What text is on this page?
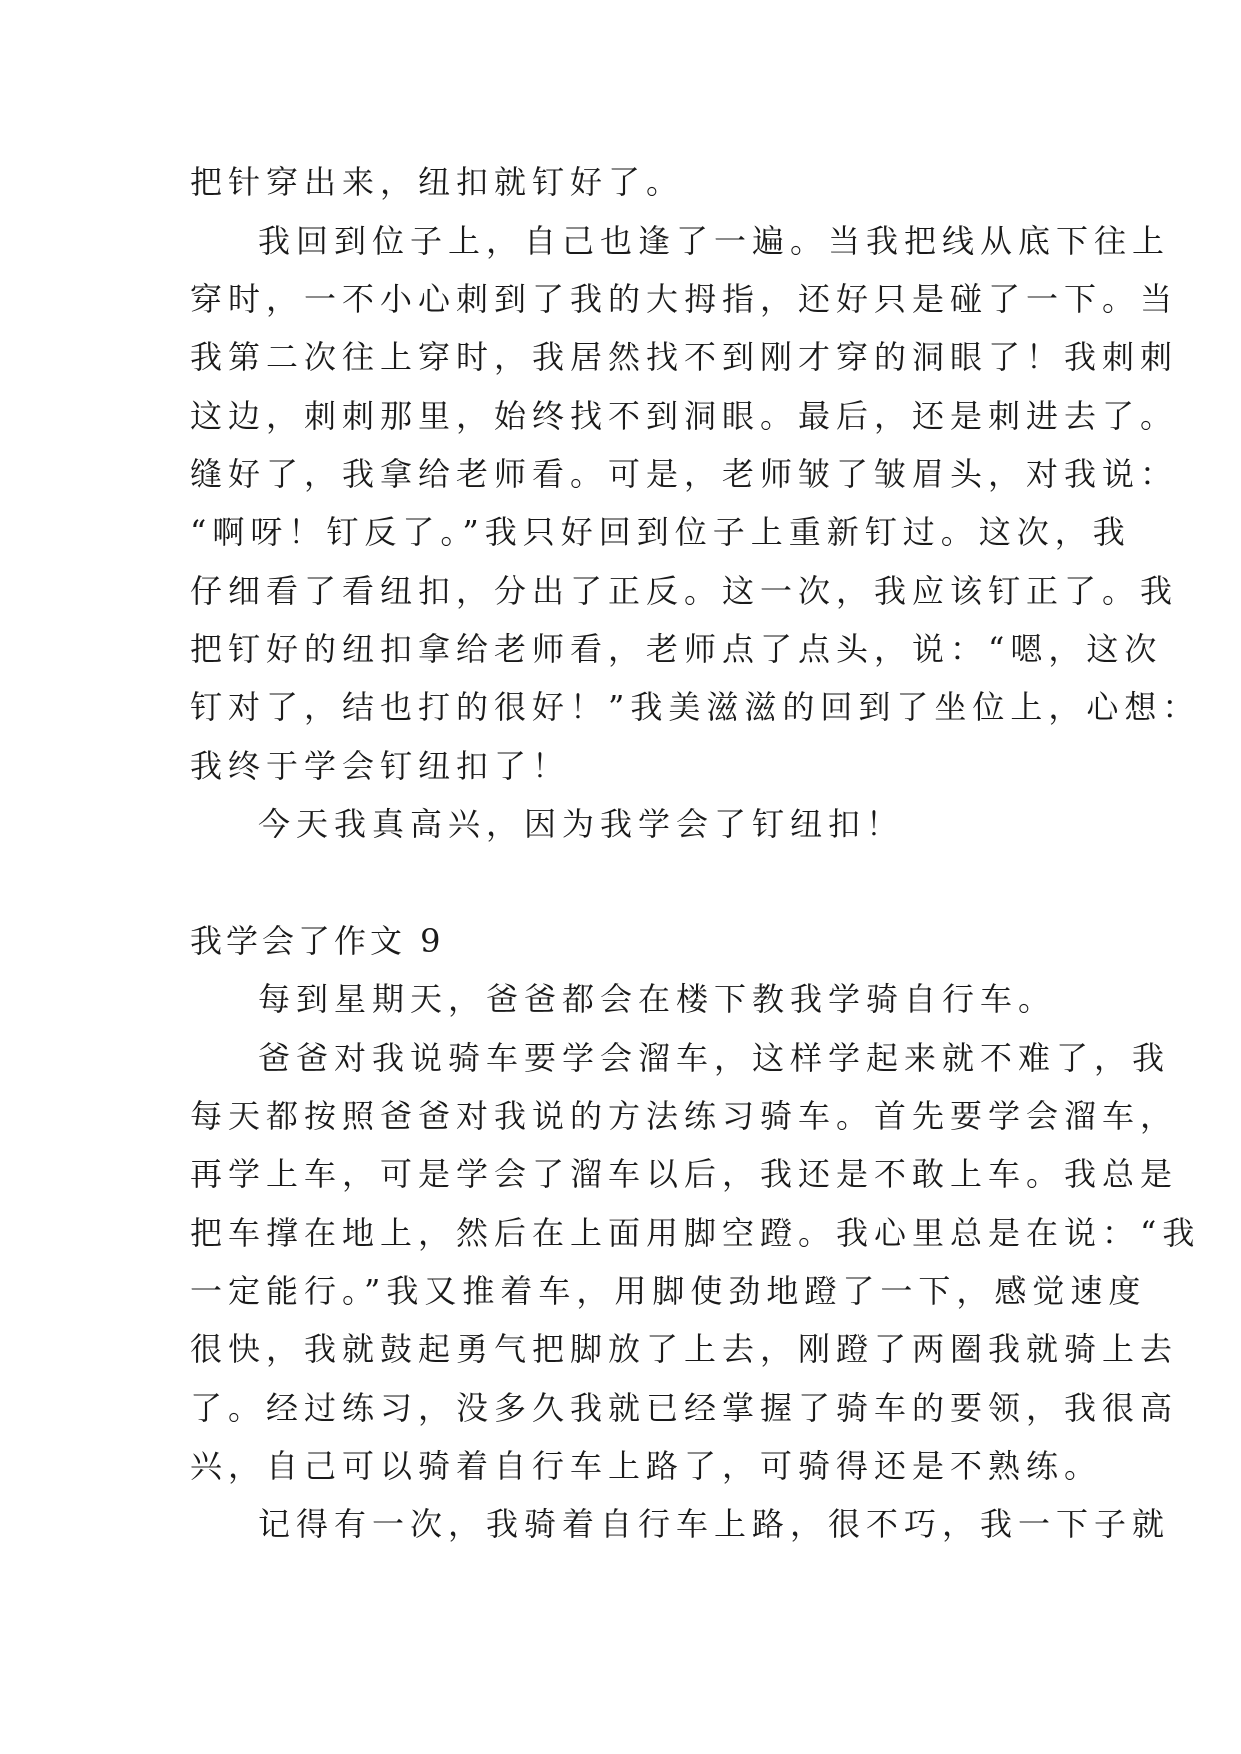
把针穿出来，纽扣就钉好了。
我回到位子上，自己也逢了一遍。当我把线从底下往上
穿时，一不小心刺到了我的大拇指，还好只是碰了一下。当
我第二次往上穿时，我居然找不到刚才穿的洞眼了！我刺刺
这边，刺刺那里，始终找不到洞眼。最后，还是刺进去了。
缝好了，我拿给老师看。可是，老师皱了皱眉头，对我说：
“啊呀！钉反了。”我只好回到位子上重新钉过。这次，我
仔细看了看纽扣，分出了正反。这一次，我应该钉正了。我
把钉好的纽扣拿给老师看，老师点了点头，说：“嗯，这次
钉对了，结也打的很好！”我美滋滋的回到了坐位上，心想：
我终于学会钉纽扣了！
今天我真高兴，因为我学会了钉纽扣！
我学会了作文 9
每到星期天，爸爸都会在楼下教我学骑自行车。
爸爸对我说骑车要学会溜车，这样学起来就不难了，我
每天都按照爸爸对我说的方法练习骑车。首先要学会溜车，
再学上车，可是学会了溜车以后，我还是不敢上车。我总是
把车撑在地上，然后在上面用脚空蹬。我心里总是在说：“我
一定能行。”我又推着车，用脚使劲地蹬了一下，感觉速度
很快，我就鼓起勇气把脚放了上去，刚蹬了两圈我就骑上去
了。经过练习，没多久我就已经掌握了骑车的要领，我很高
兴，自己可以骑着自行车上路了，可骑得还是不熟练。
记得有一次，我骑着自行车上路，很不巧，我一下子就
